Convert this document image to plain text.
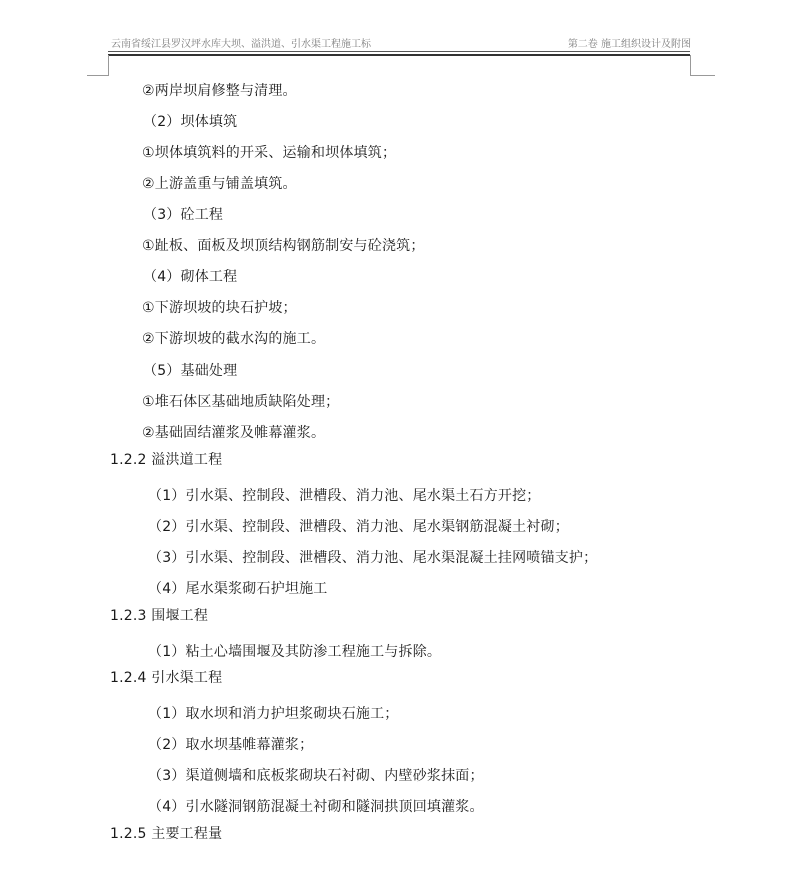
云南省绥江县罗汉坪水库大坝、溢洪道、引水渠工程施工标	第二卷 施工组织设计及附图
②两岸坝肩修整与清理。
（2）坝体填筑
①坝体填筑料的开采、运输和坝体填筑；
②上游盖重与铺盖填筑。
（3）砼工程
①趾板、面板及坝顶结构钢筋制安与砼浇筑；
（4）砌体工程
①下游坝坡的块石护坡；
②下游坝坡的截水沟的施工。
（5）基础处理
①堆石体区基础地质缺陷处理；
②基础固结灌浆及帷幕灌浆。
1.2.2 溢洪道工程
（1）引水渠、控制段、泄槽段、消力池、尾水渠土石方开挖；
（2）引水渠、控制段、泄槽段、消力池、尾水渠钢筋混凝土衬砌；
（3）引水渠、控制段、泄槽段、消力池、尾水渠混凝土挂网喷锚支护；
（4）尾水渠浆砌石护坦施工
1.2.3 围堰工程
（1）粘土心墙围堰及其防渗工程施工与拆除。
1.2.4 引水渠工程
（1）取水坝和消力护坦浆砌块石施工；
（2）取水坝基帷幕灌浆；
（3）渠道侧墙和底板浆砌块石衬砌、内壁砂浆抹面；
（4）引水隧洞钢筋混凝土衬砌和隧洞拱顶回填灌浆。
1.2.5 主要工程量
